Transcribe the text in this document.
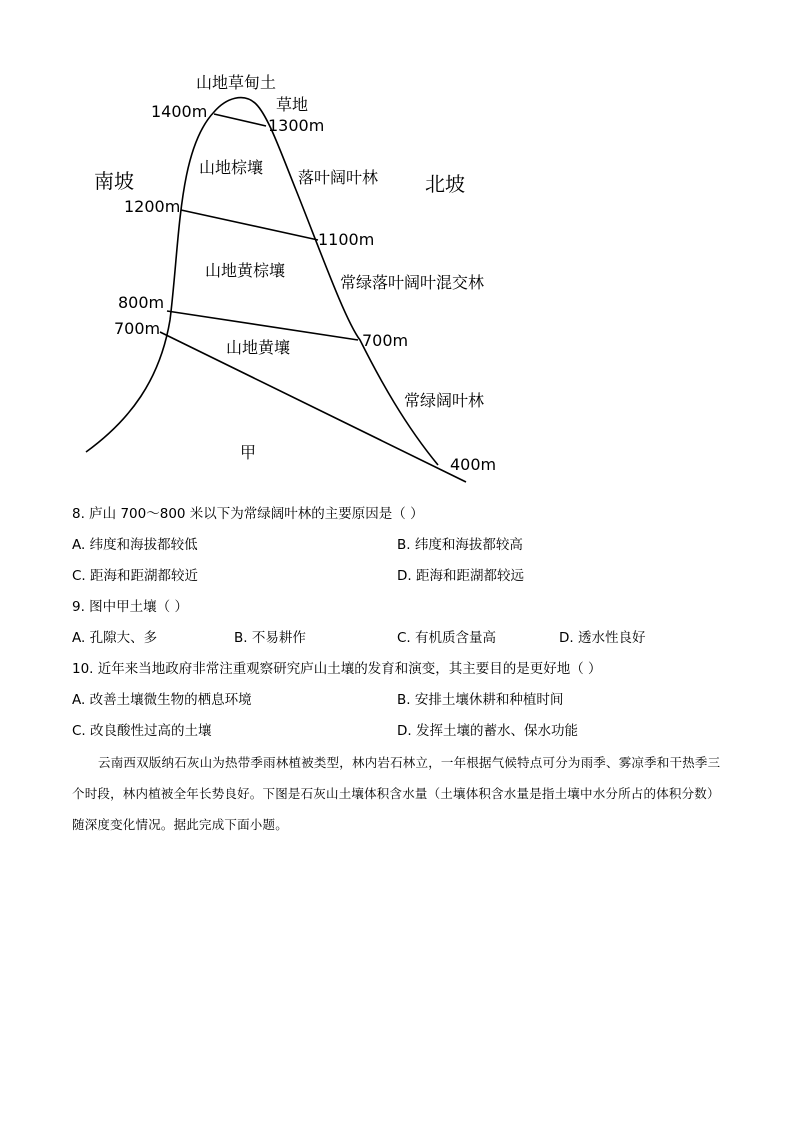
山地草甸土
草地
1400m
1300m
山地棕壤
落叶阔叶林
南坡	北坡
1200m
1100m
山地黄棕壤
常绿落叶阔叶混交林
800m
700m
山地黄壤	700m
常绿阔叶林
甲
400m
8. 庐山 700～800 米以下为常绿阔叶林的主要原因是（ ）
A. 纬度和海拔都较低	B. 纬度和海拔都较高
C. 距海和距湖都较近	D. 距海和距湖都较远
9. 图中甲土壤（ ）
A. 孔隙大、多	B. 不易耕作	C. 有机质含量高	D. 透水性良好
10. 近年来当地政府非常注重观察研究庐山土壤的发育和演变，其主要目的是更好地（ ）
A. 改善土壤微生物的栖息环境	B. 安排土壤休耕和种植时间
C. 改良酸性过高的土壤	D. 发挥土壤的蓄水、保水功能
云南西双版纳石灰山为热带季雨林植被类型，林内岩石林立，一年根据气候特点可分为雨季、雾凉季和干热季三个时段，林内植被全年长势良好。下图是石灰山土壤体积含水量（土壤体积含水量是指土壤中水分所占的体积分数）随深度变化情况。据此完成下面小题。
